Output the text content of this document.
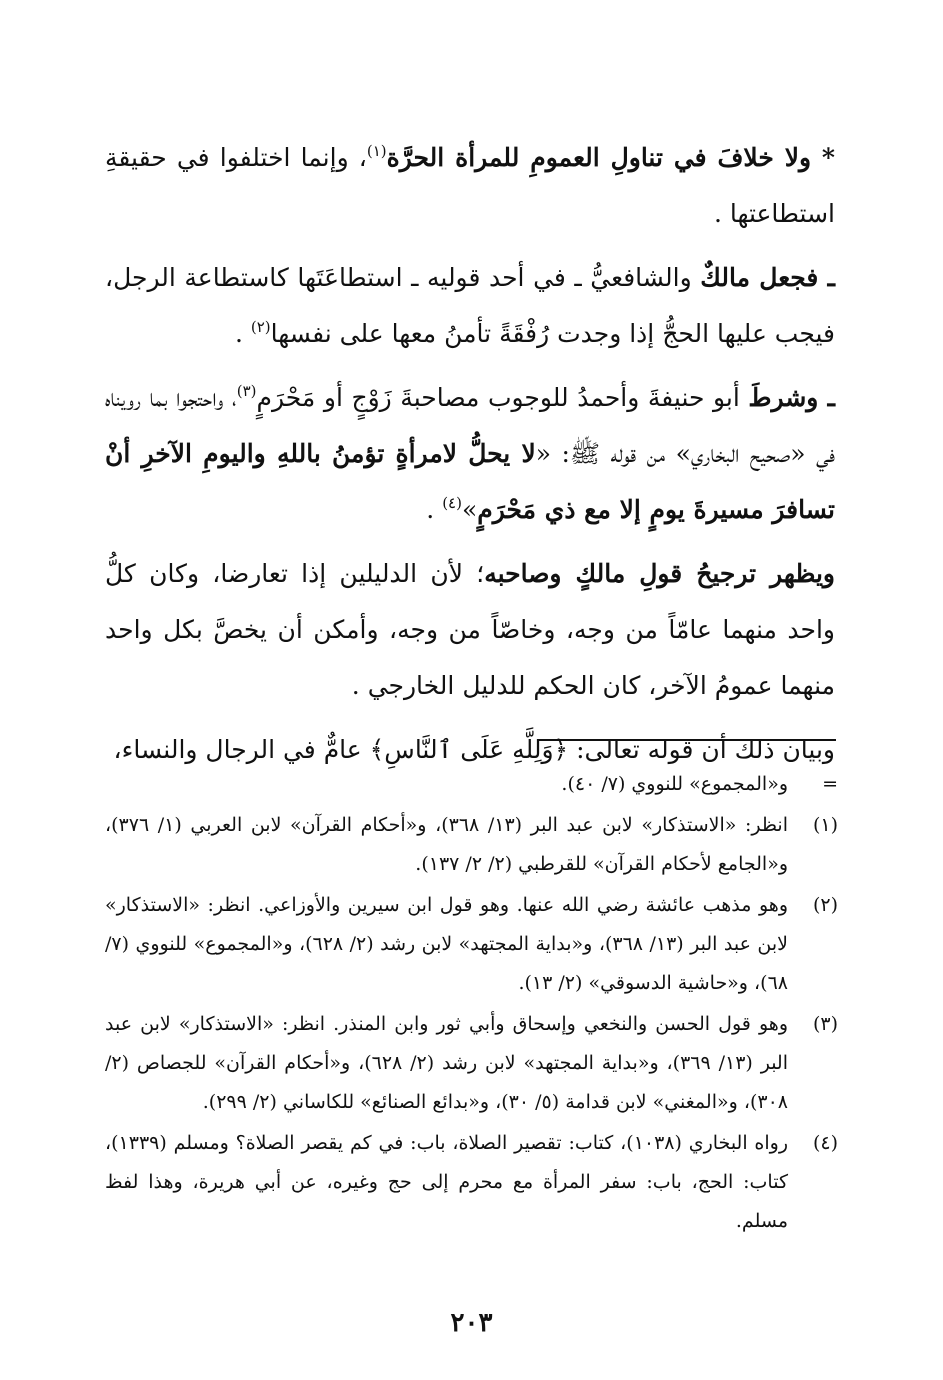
* ولا خلافَ في تناولِ العمومِ للمرأة الحرَّة$^{(١)}$، وإنما اختلفوا في حقيقةِ استطاعتها .

ـ فجعل مالكٌ والشافعيُّ ـ في أحد قوليه ـ استطاعَتَها كاستطاعة الرجل، فيجب عليها الحجُّ إذا وجدت رُفْقَةً تأمنُ معها على نفسها$^{(٢)}$ .

ـ وشرطَ أبو حنيفةَ وأحمدُ للوجوب مصاحبةَ زَوْجٍ أو مَحْرَمٍ$^{(٣)}$، واحتجوا بما رويناه في «صحيح البخاري» من قوله ﷺ: «لا يحلُّ لامرأةٍ تؤمنُ باللهِ واليومِ الآخرِ أنْ تسافرَ مسيرةَ يومٍ إلا مع ذي مَحْرَمٍ»$^{(٤)}$ .

ويظهر ترجيحُ قولِ مالكٍ وصاحبه؛ لأن الدليلين إذا تعارضا، وكان كلُّ واحد منهما عامّاً من وجه، وخاصّاً من وجه، وأمكن أن يخصَّ بكل واحد منهما عمومُ الآخر، كان الحكم للدليل الخارجي .

وبيان ذلك أن قوله تعالى: ﴿وَلِلَّهِ عَلَى ٱلنَّاسِ﴾ عامٌّ في الرجال والنساء،

=
و«المجموع» للنووي (٧/ ٤٠).
(١)
انظر: «الاستذكار» لابن عبد البر (١٣/ ٣٦٨)، و«أحكام القرآن» لابن العربي (١/ ٣٧٦)، و«الجامع لأحكام القرآن» للقرطبي (٢/ ٢/ ١٣٧).
(٢)
وهو مذهب عائشة رضي الله عنها. وهو قول ابن سيرين والأوزاعي. انظر: «الاستذكار» لابن عبد البر (١٣/ ٣٦٨)، و«بداية المجتهد» لابن رشد (٢/ ٦٢٨)، و«المجموع» للنووي (٧/ ٦٨)، و«حاشية الدسوقي» (٢/ ١٣).
(٣)
وهو قول الحسن والنخعي وإسحاق وأبي ثور وابن المنذر. انظر: «الاستذكار» لابن عبد البر (١٣/ ٣٦٩)، و«بداية المجتهد» لابن رشد (٢/ ٦٢٨)، و«أحكام القرآن» للجصاص (٢/ ٣٠٨)، و«المغني» لابن قدامة (٥/ ٣٠)، و«بدائع الصنائع» للكاساني (٢/ ٢٩٩).
(٤)
رواه البخاري (١٠٣٨)، كتاب: تقصير الصلاة، باب: في كم يقصر الصلاة؟ ومسلم (١٣٣٩)، كتاب: الحج، باب: سفر المرأة مع محرم إلى حج وغيره، عن أبي هريرة، وهذا لفظ مسلم.
٢٠٣
